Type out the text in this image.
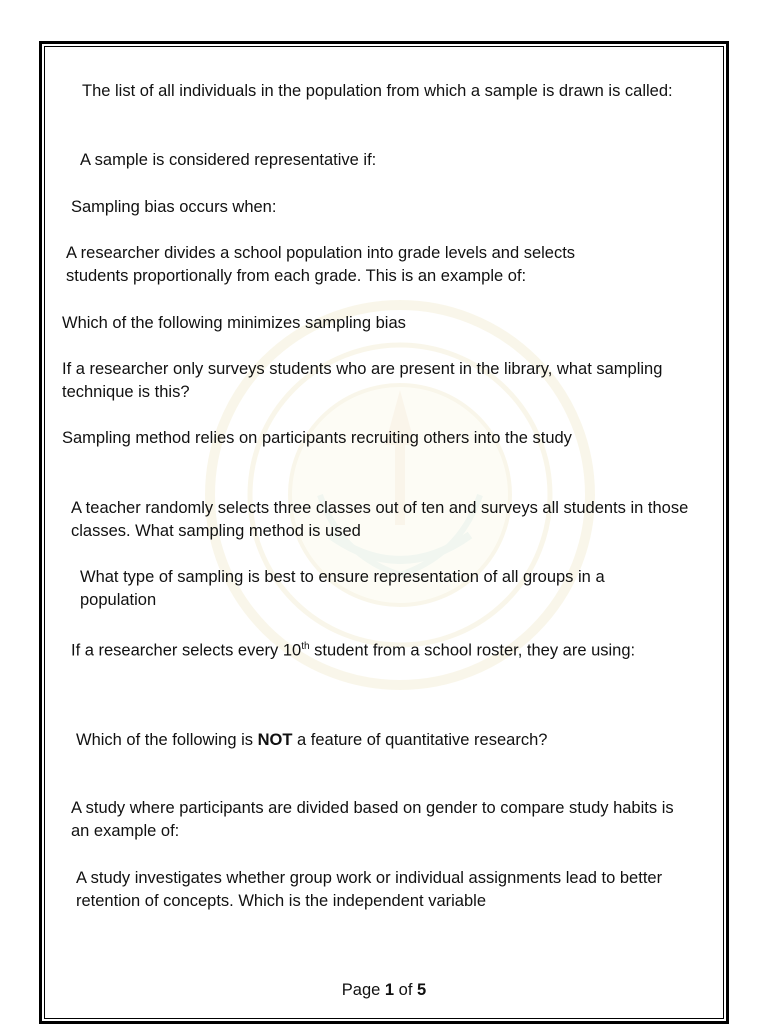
The list of all individuals in the population from which a sample is drawn is called:

A sample is considered representative if:

Sampling bias occurs when:

A researcher divides a school population into grade levels and selects students proportionally from each grade. This is an example of:

Which of the following minimizes sampling bias

If a researcher only surveys students who are present in the library, what sampling technique is this?

Sampling method relies on participants recruiting others into the study

A teacher randomly selects three classes out of ten and surveys all students in those classes. What sampling method is used

What type of sampling is best to ensure representation of all groups in a population

If a researcher selects every 10th student from a school roster, they are using:

Which of the following is NOT a feature of quantitative research?

A study where participants are divided based on gender to compare study habits is an example of:

A study investigates whether group work or individual assignments lead to better retention of concepts. Which is the independent variable

Page 1 of 5
